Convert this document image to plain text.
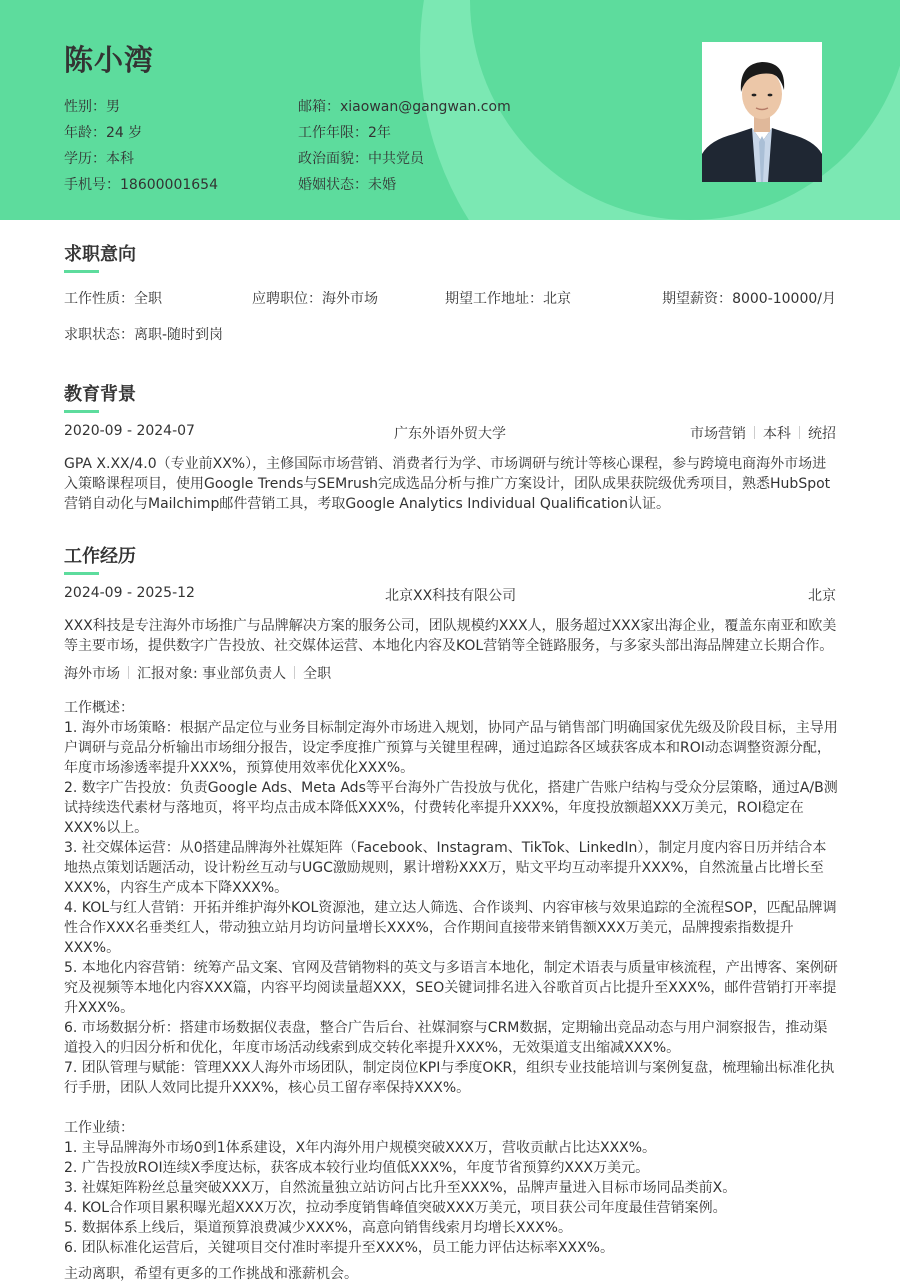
陈小湾
性别：男
年龄：24 岁
学历：本科
手机号：18600001654
邮箱：xiaowan@gangwan.com
工作年限：2年
政治面貌：中共党员
婚姻状态：未婚
求职意向
工作性质：全职	应聘职位：海外市场	期望工作地址：北京	期望薪资：8000-10000/月
求职状态：离职-随时到岗
教育背景
2020-09 - 2024-07	广东外语外贸大学	市场营销 本科 统招
GPA X.XX/4.0（专业前XX%），主修国际市场营销、消费者行为学、市场调研与统计等核心课程，参与跨境电商海外市场进入策略课程项目，使用Google Trends与SEMrush完成选品分析与推广方案设计，团队成果获院级优秀项目，熟悉HubSpot营销自动化与Mailchimp邮件营销工具，考取Google Analytics Individual Qualification认证。
工作经历
2024-09 - 2025-12	北京XX科技有限公司	北京
XXX科技是专注海外市场推广与品牌解决方案的服务公司，团队规模约XXX人，服务超过XXX家出海企业，覆盖东南亚和欧美等主要市场，提供数字广告投放、社交媒体运营、本地化内容及KOL营销等全链路服务，与多家头部出海品牌建立长期合作。
海外市场 汇报对象: 事业部负责人 全职
工作概述：
1. 海外市场策略：根据产品定位与业务目标制定海外市场进入规划，协同产品与销售部门明确国家优先级及阶段目标，主导用户调研与竞品分析输出市场细分报告，设定季度推广预算与关键里程碑，通过追踪各区域获客成本和ROI动态调整资源分配，年度市场渗透率提升XXX%，预算使用效率优化XXX%。
2. 数字广告投放：负责Google Ads、Meta Ads等平台海外广告投放与优化，搭建广告账户结构与受众分层策略，通过A/B测试持续迭代素材与落地页，将平均点击成本降低XXX%，付费转化率提升XXX%，年度投放额超XXX万美元，ROI稳定在XXX%以上。
3. 社交媒体运营：从0搭建品牌海外社媒矩阵（Facebook、Instagram、TikTok、LinkedIn），制定月度内容日历并结合本地热点策划话题活动，设计粉丝互动与UGC激励规则，累计增粉XXX万，贴文平均互动率提升XXX%，自然流量占比增长至XXX%，内容生产成本下降XXX%。
4. KOL与红人营销：开拓并维护海外KOL资源池，建立达人筛选、合作谈判、内容审核与效果追踪的全流程SOP，匹配品牌调性合作XXX名垂类红人，带动独立站月均访问量增长XXX%，合作期间直接带来销售额XXX万美元，品牌搜索指数提升XXX%。
5. 本地化内容营销：统筹产品文案、官网及营销物料的英文与多语言本地化，制定术语表与质量审核流程，产出博客、案例研究及视频等本地化内容XXX篇，内容平均阅读量超XXX，SEO关键词排名进入谷歌首页占比提升至XXX%，邮件营销打开率提升XXX%。
6. 市场数据分析：搭建市场数据仪表盘，整合广告后台、社媒洞察与CRM数据，定期输出竞品动态与用户洞察报告，推动渠道投入的归因分析和优化，年度市场活动线索到成交转化率提升XXX%，无效渠道支出缩减XXX%。
7. 团队管理与赋能：管理XXX人海外市场团队，制定岗位KPI与季度OKR，组织专业技能培训与案例复盘，梳理输出标准化执行手册，团队人效同比提升XXX%，核心员工留存率保持XXX%。
工作业绩：
1. 主导品牌海外市场0到1体系建设，X年内海外用户规模突破XXX万，营收贡献占比达XXX%。
2. 广告投放ROI连续X季度达标，获客成本较行业均值低XXX%，年度节省预算约XXX万美元。
3. 社媒矩阵粉丝总量突破XXX万，自然流量独立站访问占比升至XXX%，品牌声量进入目标市场同品类前X。
4. KOL合作项目累积曝光超XXX万次，拉动季度销售峰值突破XXX万美元，项目获公司年度最佳营销案例。
5. 数据体系上线后，渠道预算浪费减少XXX%，高意向销售线索月均增长XXX%。
6. 团队标准化运营后，关键项目交付准时率提升至XXX%，员工能力评估达标率XXX%。
主动离职，希望有更多的工作挑战和涨薪机会。
